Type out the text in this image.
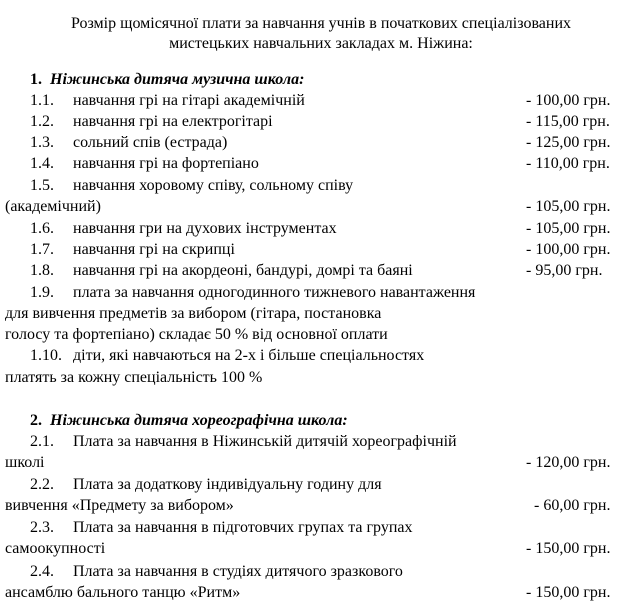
Розмір щомісячної плати за навчання учнів в початкових спеціалізованих
мистецьких навчальних закладах м. Ніжина:
1. Ніжинська дитяча музична школа:
1.1. навчання грі на гітарі академічній	- 100,00 грн.
1.2. навчання грі на електрогітарі	- 115,00 грн.
1.3. сольний спів (естрада)	- 125,00 грн.
1.4. навчання грі на фортепіано	- 110,00 грн.
1.5. навчання хоровому співу, сольному співу
(академічний)	- 105,00 грн.
1.6. навчання гри на духових інструментах	- 105,00 грн.
1.7. навчання грі на скрипці	- 100,00 грн.
1.8. навчання грі на акордеоні, бандурі, домрі та баяні	- 95,00 грн.
1.9. плата за навчання одногодинного тижневого навантаження
для вивчення предметів за вибором (гітара, постановка
голосу та фортепіано) складає 50 % від основної оплати
1.10. діти, які навчаються на 2-х і більше спеціальностях
платять за кожну спеціальність 100 %
2. Ніжинська дитяча хореографічна школа:
2.1. Плата за навчання в Ніжинській дитячій хореографічній
школі	- 120,00 грн.
2.2. Плата за додаткову індивідуальну годину для
вивчення «Предмету за вибором»	- 60,00 грн.
2.3. Плата за навчання в підготовчих групах та групах
самоокупності	- 150,00 грн.
2.4. Плата за навчання в студіях дитячого зразкового
ансамблю бального танцю «Ритм»	- 150,00 грн.
